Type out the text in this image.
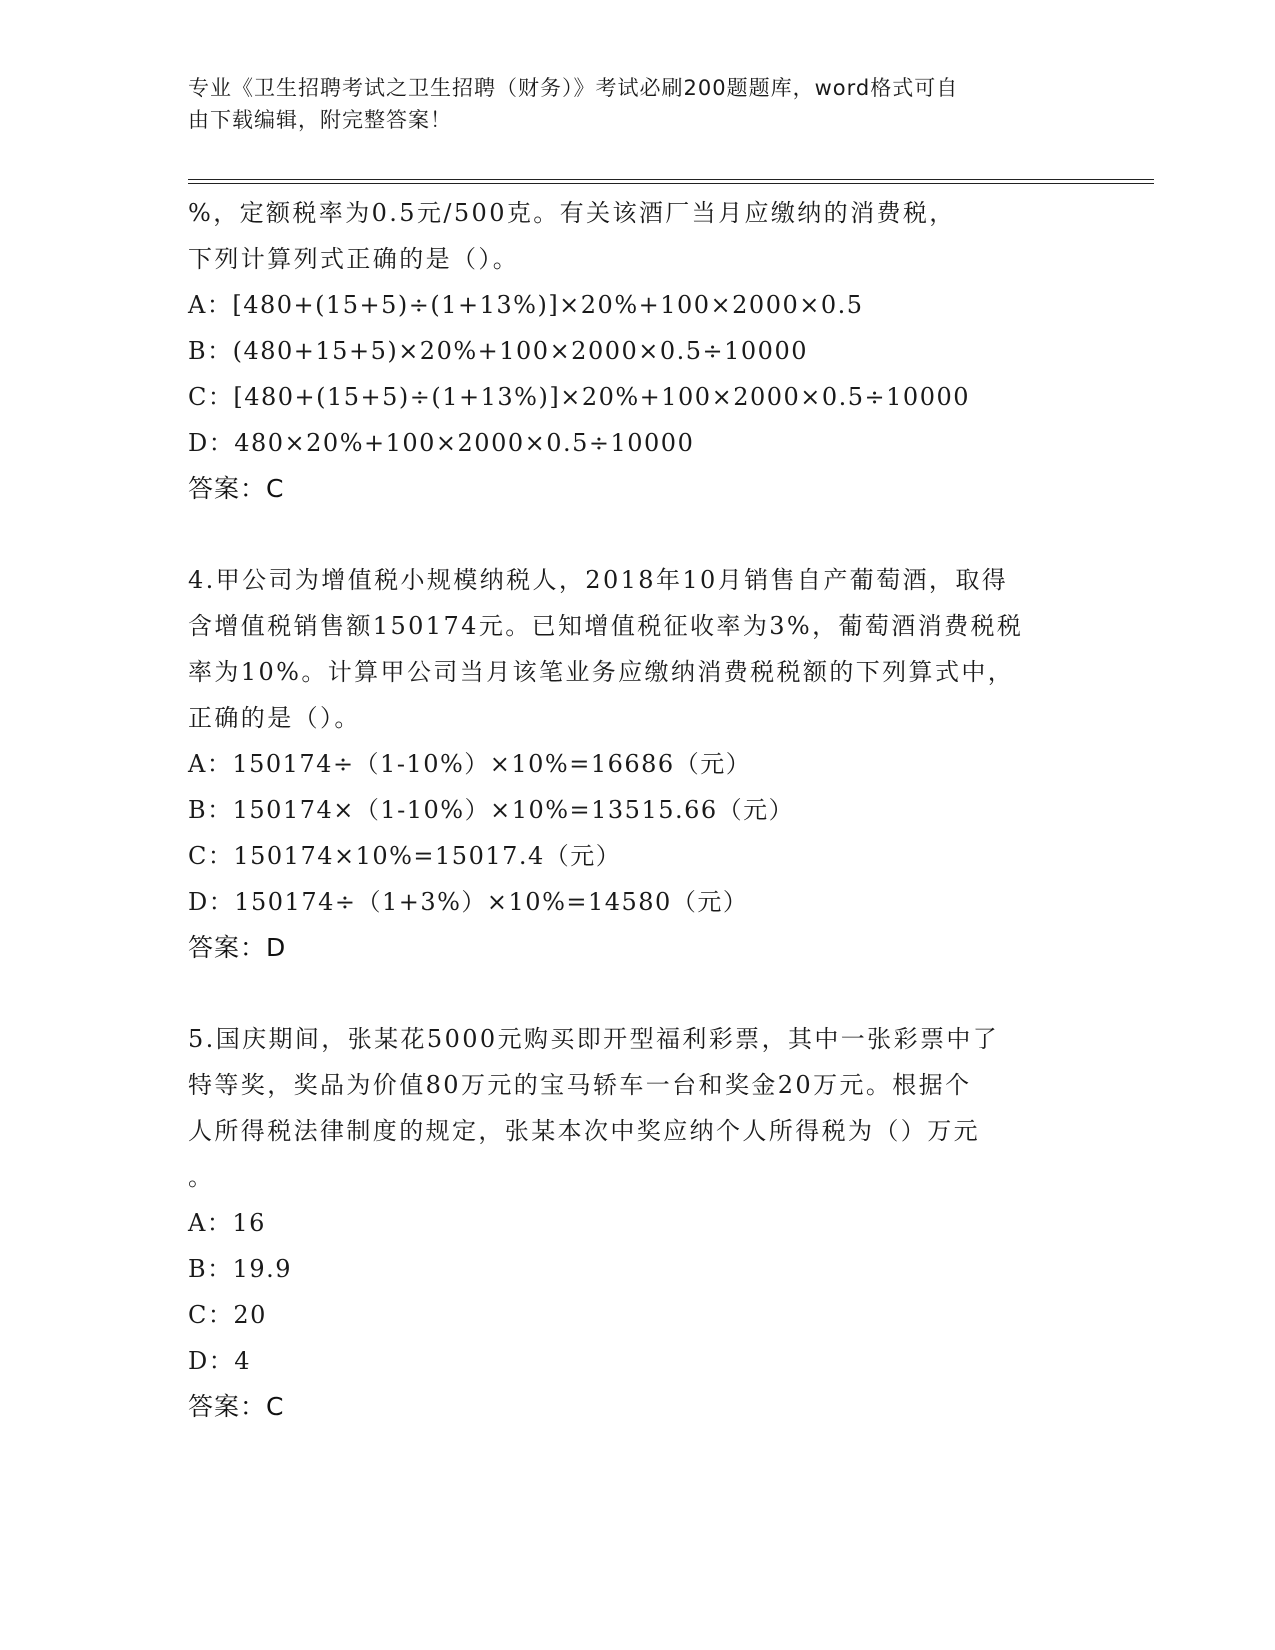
专业《卫生招聘考试之卫生招聘（财务）》考试必刷200题题库，word格式可自
由下载编辑，附完整答案！
%，定额税率为0.5元/500克。有关该酒厂当月应缴纳的消费税，
下列计算列式正确的是（）。
A：[480+(15+5)÷(1+13%)]×20%+100×2000×0.5
B：(480+15+5)×20%+100×2000×0.5÷10000
C：[480+(15+5)÷(1+13%)]×20%+100×2000×0.5÷10000
D：480×20%+100×2000×0.5÷10000
答案：C
4.甲公司为增值税小规模纳税人，2018年10月销售自产葡萄酒，取得
含增值税销售额150174元。已知增值税征收率为3%，葡萄酒消费税税
率为10%。计算甲公司当月该笔业务应缴纳消费税税额的下列算式中，
正确的是（）。
A：150174÷（1-10%）×10%=16686（元）
B：150174×（1-10%）×10%=13515.66（元）
C：150174×10%=15017.4（元）
D：150174÷（1+3%）×10%=14580（元）
答案：D
5.国庆期间，张某花5000元购买即开型福利彩票，其中一张彩票中了
特等奖，奖品为价值80万元的宝马轿车一台和奖金20万元。根据个
人所得税法律制度的规定，张某本次中奖应纳个人所得税为（）万元
。
A：16
B：19.9
C：20
D：4
答案：C
